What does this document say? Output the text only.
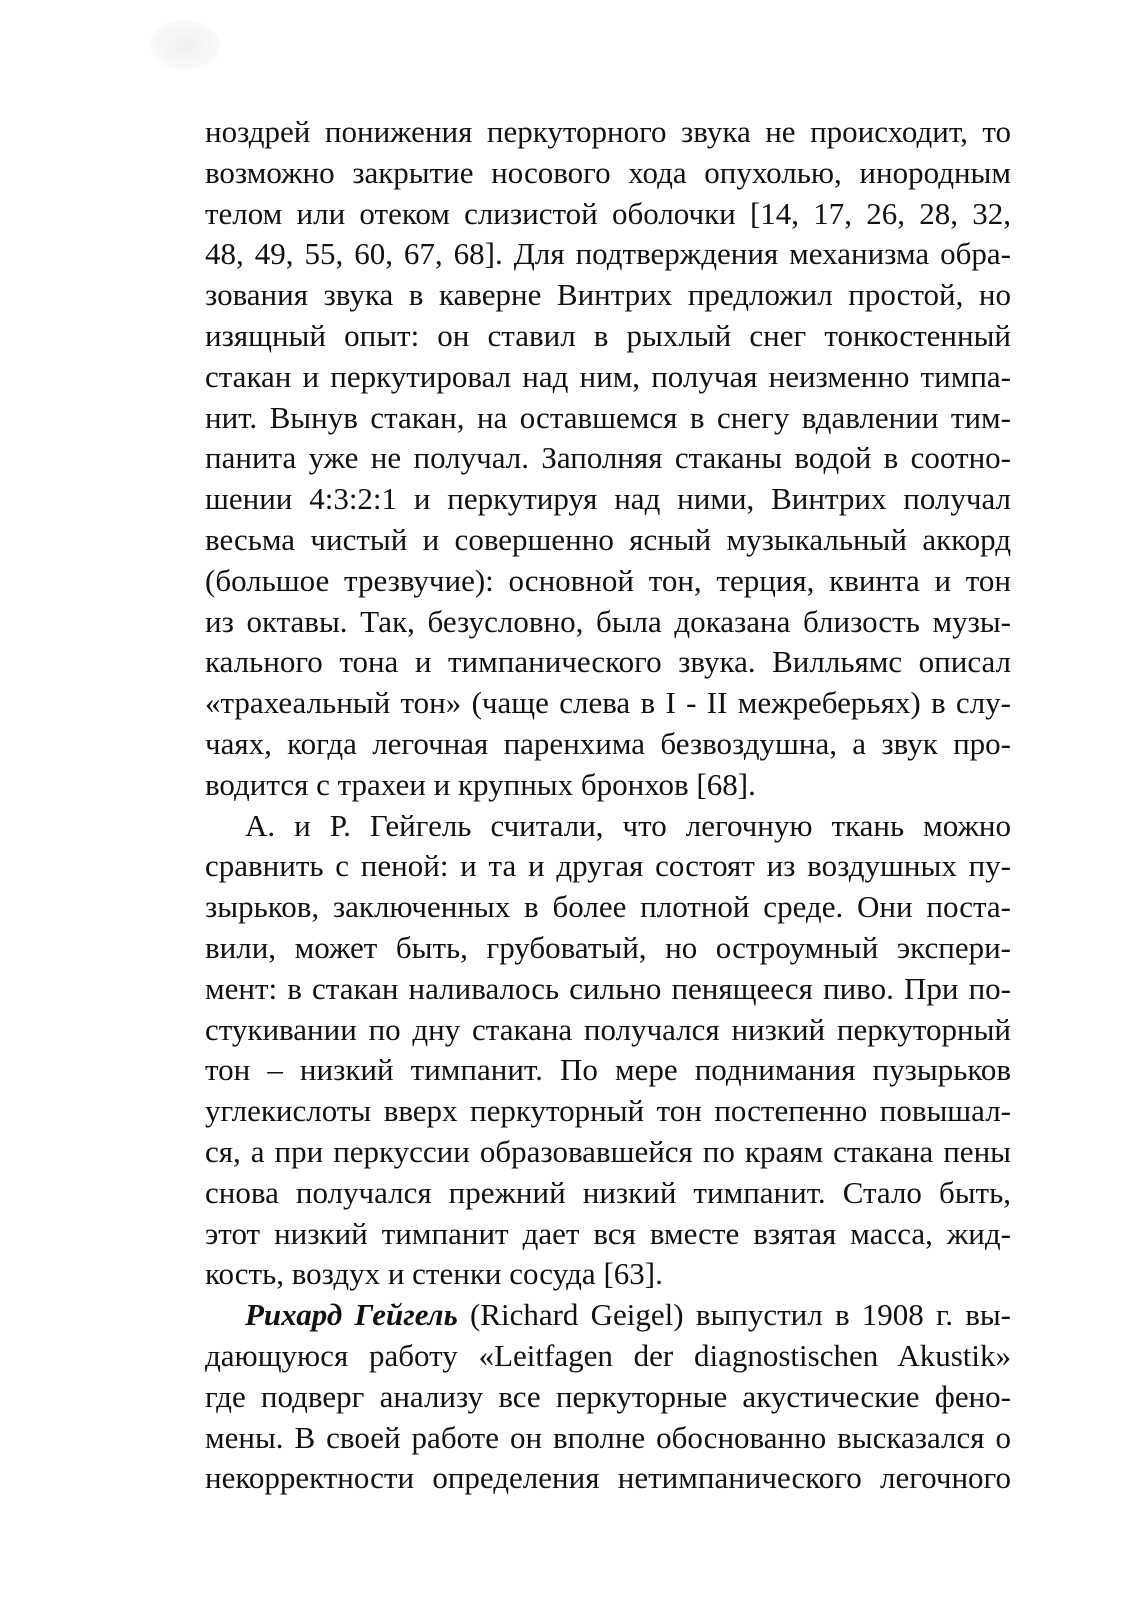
ноздрей понижения перкуторного звука не происходит, то
возможно закрытие носового хода опухолью, инородным
телом или отеком слизистой оболочки [14, 17, 26, 28, 32,
48, 49, 55, 60, 67, 68]. Для подтверждения механизма обра-
зования звука в каверне Винтрих предложил простой, но
изящный опыт: он ставил в рыхлый снег тонкостенный
стакан и перкутировал над ним, получая неизменно тимпа-
нит. Вынув стакан, на оставшемся в снегу вдавлении тим-
панита уже не получал. Заполняя стаканы водой в соотно-
шении 4:3:2:1 и перкутируя над ними, Винтрих получал
весьма чистый и совершенно ясный музыкальный аккорд
(большое трезвучие): основной тон, терция, квинта и тон
из октавы. Так, безусловно, была доказана близость музы-
кального тона и тимпанического звука. Вилльямс описал
«трахеальный тон» (чаще слева в I - II межреберьях) в слу-
чаях, когда легочная паренхима безвоздушна, а звук про-
водится с трахеи и крупных бронхов [68].

А. и Р. Гейгель считали, что легочную ткань можно
сравнить с пеной: и та и другая состоят из воздушных пу-
зырьков, заключенных в более плотной среде. Они поста-
вили, может быть, грубоватый, но остроумный экспери-
мент: в стакан наливалось сильно пенящееся пиво. При по-
стукивании по дну стакана получался низкий перкуторный
тон – низкий тимпанит. По мере поднимания пузырьков
углекислоты вверх перкуторный тон постепенно повышал-
ся, а при перкуссии образовавшейся по краям стакана пены
снова получался прежний низкий тимпанит. Стало быть,
этот низкий тимпанит дает вся вместе взятая масса, жид-
кость, воздух и стенки сосуда [63].

Рихард Гейгель (Richard Geigel) выпустил в 1908 г. вы-
дающуюся работу «Leitfagen der diagnostischen Akustik»
где подверг анализу все перкуторные акустические фено-
мены. В своей работе он вполне обоснованно высказался о
некорректности определения нетимпанического легочного
